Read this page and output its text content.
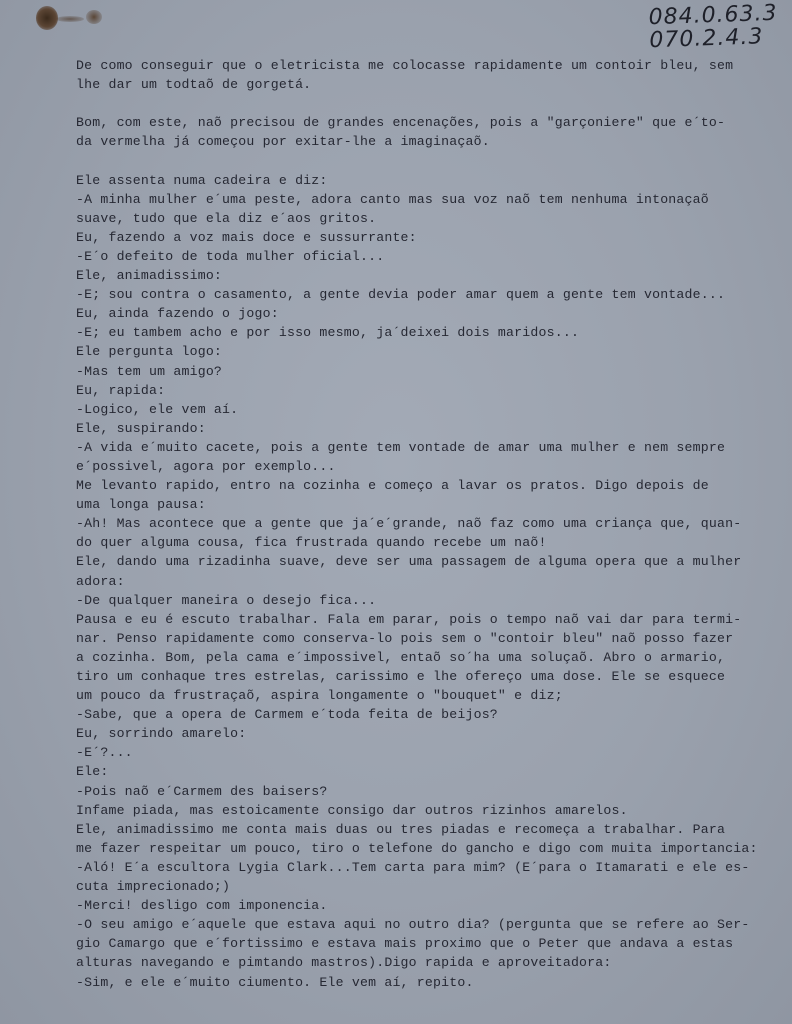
084.0.63.3
070.2.4.3
De como conseguir que o eletricista me colocasse rapidamente um contoir bleu, sem
lhe dar um todtaõ de gorgetá.
Bom, com este, naõ precisou de grandes encenações, pois a "garçoniere" que e´to-
da vermelha já começou por exitar-lhe a imaginaçaõ.
Ele assenta numa cadeira e diz:
-A minha mulher e´uma peste, adora canto mas sua voz naõ tem nenhuma intonaçaõ
suave, tudo que ela diz e´aos gritos.
Eu, fazendo a voz mais doce e sussurrante:
-E´o defeito de toda mulher oficial...
Ele, animadissimo:
-E; sou contra o casamento, a gente devia poder amar quem a gente tem vontade...
Eu, ainda fazendo o jogo:
-E; eu tambem acho e por isso mesmo, ja´deixei dois maridos...
Ele pergunta logo:
-Mas tem um amigo?
Eu, rapida:
-Logico, ele vem aí.
Ele, suspirando:
-A vida e´muito cacete, pois a gente tem vontade de amar uma mulher e nem sempre
e´possivel, agora por exemplo...
Me levanto rapido, entro na cozinha e começo a lavar os pratos. Digo depois de
uma longa pausa:
-Ah! Mas acontece que a gente que ja´e´grande, naõ faz como uma criança que, quan-
do quer alguma cousa, fica frustrada quando recebe um naõ!
Ele, dando uma rizadinha suave, deve ser uma passagem de alguma opera que a mulher
adora:
-De qualquer maneira o desejo fica...
Pausa e eu é escuto trabalhar. Fala em parar, pois o tempo naõ vai dar para termi-
nar. Penso rapidamente como conserva-lo pois sem o "contoir bleu" naõ posso fazer
a cozinha. Bom, pela cama e´impossivel, entaõ so´ha uma soluçaõ. Abro o armario,
tiro um conhaque tres estrelas, carissimo e lhe ofereço uma dose. Ele se esquece
um pouco da frustraçaõ, aspira longamente o "bouquet" e diz;
-Sabe, que a opera de Carmem e´toda feita de beijos?
Eu, sorrindo amarelo:
-E´?...
Ele:
-Pois naõ e´Carmem des baisers?
Infame piada, mas estoicamente consigo dar outros rizinhos amarelos.
Ele, animadissimo me conta mais duas ou tres piadas e recomeça a trabalhar. Para
me fazer respeitar um pouco, tiro o telefone do gancho e digo com muita importancia:
-Aló! E´a escultora Lygia Clark...Tem carta para mim? (E´para o Itamarati e ele es-
cuta imprecionado;)
-Merci! desligo com imponencia.
-O seu amigo e´aquele que estava aqui no outro dia? (pergunta que se refere ao Ser-
gio Camargo que e´fortissimo e estava mais proximo que o Peter que andava a estas
alturas navegando e pimtando mastros).Digo rapida e aproveitadora:
-Sim, e ele e´muito ciumento. Ele vem aí, repito.
